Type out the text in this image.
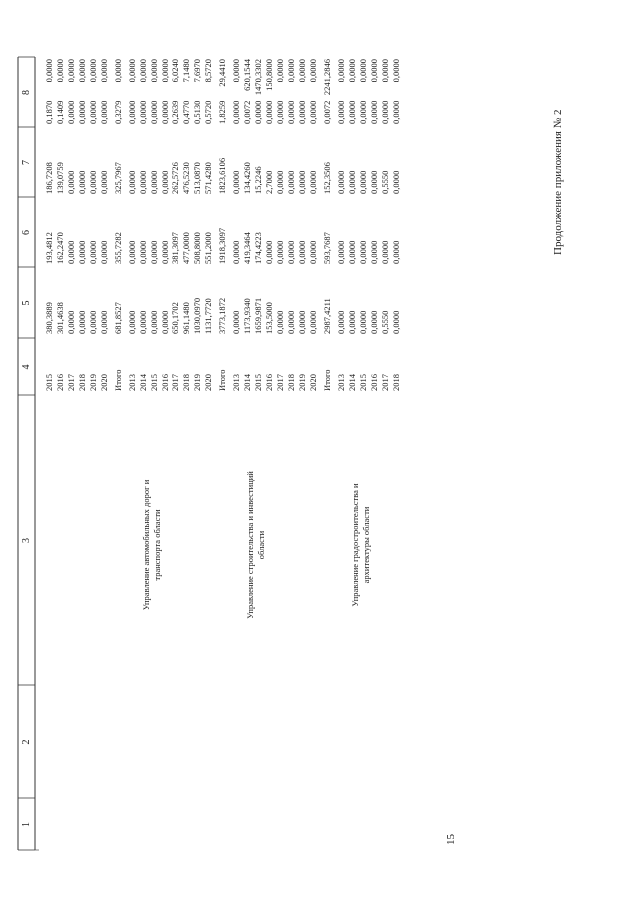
15
Продолжение приложения № 2
1
2
3
4
5
6
7
8
Управление автомобильных дорог и транспорта области	Управление строительства и инвестиций области	Управление градостроительства и архитектуры области
2015
380,3889
193,4812
186,7208
0,1870
0,0000
2016
301,4638
162,2470
139,0759
0,1409
0,0000
2017
0,0000
0,0000
0,0000
0,0000
0,0000
2018
0,0000
0,0000
0,0000
0,0000
0,0000
2019
0,0000
0,0000
0,0000
0,0000
0,0000
2020
0,0000
0,0000
0,0000
0,0000
0,0000
Итого
681,8527
355,7282
325,7967
0,3279
0,0000
2013
0,0000
0,0000
0,0000
0,0000
0,0000
2014
0,0000
0,0000
0,0000
0,0000
0,0000
2015
0,0000
0,0000
0,0000
0,0000
0,0000
2016
0,0000
0,0000
0,0000
0,0000
0,0000
2017
650,1702
381,3097
262,5726
0,2639
6,0240
2018
961,1480
477,0000
476,5230
0,4770
7,1480
2019
1030,0970
508,8000
513,0870
0,5130
7,6970
2020
1131,7720
551,2000
571,4280
0,5720
8,5720
Итого
3773,1872
1918,3097
1823,6106
1,8259
29,4410
2013
0,0000
0,0000
0,0000
0,0000
0,0000
2014
1173,9340
419,3464
134,4260
0,0072
620,1544
2015
1659,9871
174,4223
15,2246
0,0000
1470,3302
2016
153,5000
0,0000
2,7000
0,0000
150,8000
2017
0,0000
0,0000
0,0000
0,0000
0,0000
2018
0,0000
0,0000
0,0000
0,0000
0,0000
2019
0,0000
0,0000
0,0000
0,0000
0,0000
2020
0,0000
0,0000
0,0000
0,0000
0,0000
Итого
2987,4211
593,7687
152,3506
0,0072
2241,2846
2013
0,0000
0,0000
0,0000
0,0000
0,0000
2014
0,0000
0,0000
0,0000
0,0000
0,0000
2015
0,0000
0,0000
0,0000
0,0000
0,0000
2016
0,0000
0,0000
0,0000
0,0000
0,0000
2017
0,5550
0,0000
0,5550
0,0000
0,0000
2018
0,0000
0,0000
0,0000
0,0000
0,0000
